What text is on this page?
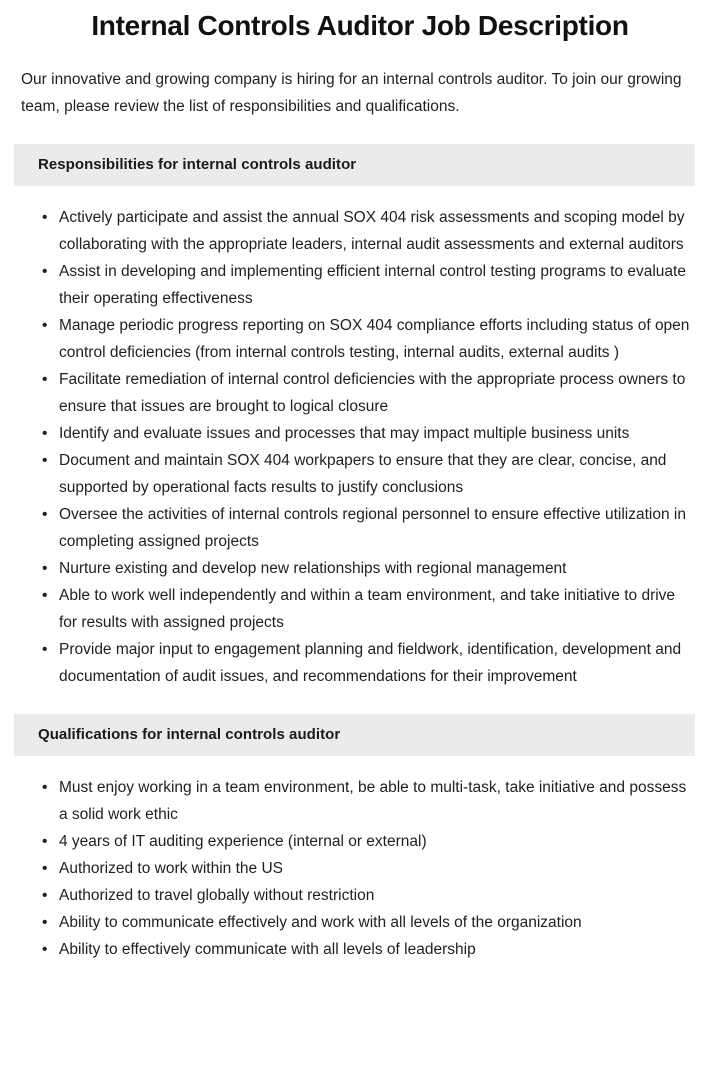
Internal Controls Auditor Job Description

Our innovative and growing company is hiring for an internal controls auditor. To join our growing team, please review the list of responsibilities and qualifications.

Responsibilities for internal controls auditor
• Actively participate and assist the annual SOX 404 risk assessments and scoping model by collaborating with the appropriate leaders, internal audit assessments and external auditors
• Assist in developing and implementing efficient internal control testing programs to evaluate their operating effectiveness
• Manage periodic progress reporting on SOX 404 compliance efforts including status of open control deficiencies (from internal controls testing, internal audits, external audits )
• Facilitate remediation of internal control deficiencies with the appropriate process owners to ensure that issues are brought to logical closure
• Identify and evaluate issues and processes that may impact multiple business units
• Document and maintain SOX 404 workpapers to ensure that they are clear, concise, and supported by operational facts results to justify conclusions
• Oversee the activities of internal controls regional personnel to ensure effective utilization in completing assigned projects
• Nurture existing and develop new relationships with regional management
• Able to work well independently and within a team environment, and take initiative to drive for results with assigned projects
• Provide major input to engagement planning and fieldwork, identification, development and documentation of audit issues, and recommendations for their improvement
Qualifications for internal controls auditor
• Must enjoy working in a team environment, be able to multi-task, take initiative and possess a solid work ethic
• 4 years of IT auditing experience (internal or external)
• Authorized to work within the US
• Authorized to travel globally without restriction
• Ability to communicate effectively and work with all levels of the organization
• Ability to effectively communicate with all levels of leadership
